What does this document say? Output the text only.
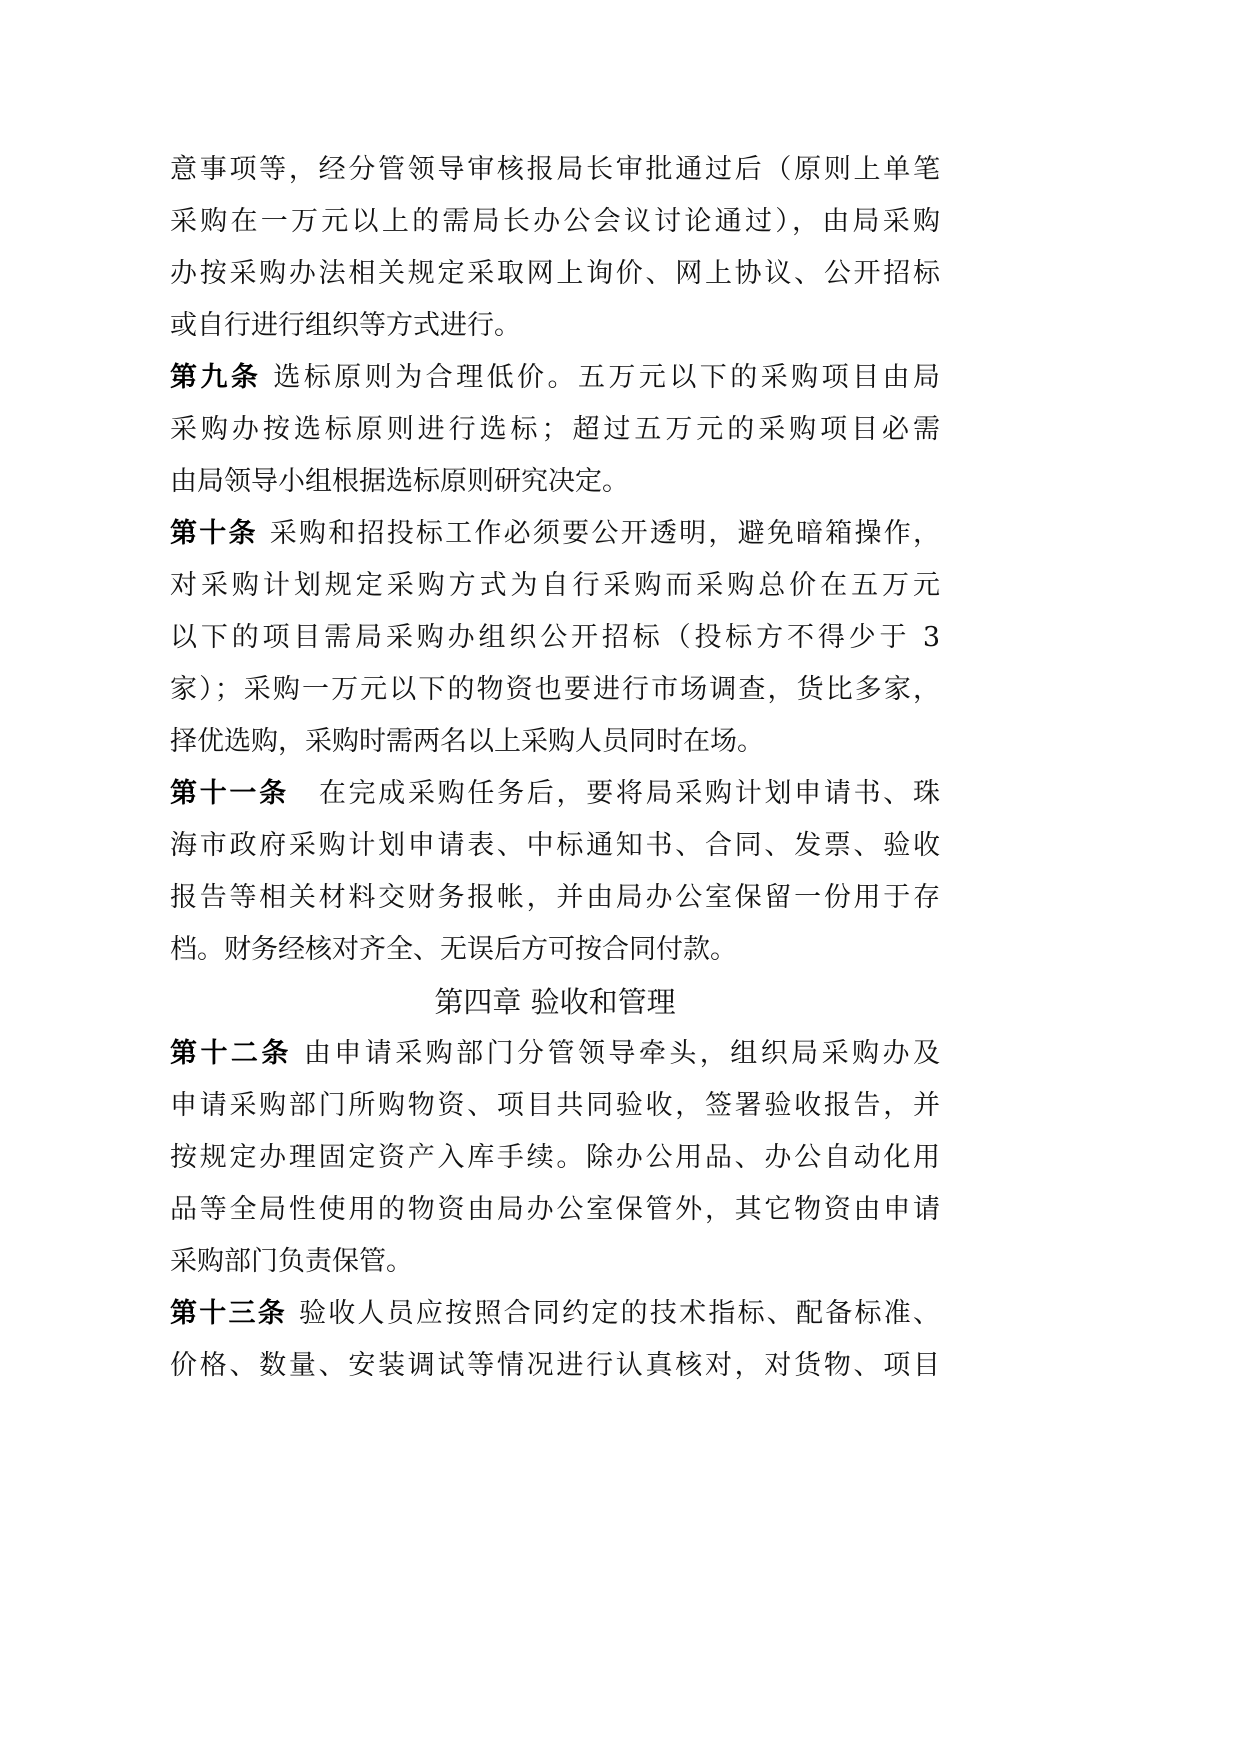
意事项等，经分管领导审核报局长审批通过后（原则上单笔
采购在一万元以上的需局长办公会议讨论通过），由局采购
办按采购办法相关规定采取网上询价、网上协议、公开招标
或自行进行组织等方式进行。
第九条 选标原则为合理低价。五万元以下的采购项目由局
采购办按选标原则进行选标；超过五万元的采购项目必需
由局领导小组根据选标原则研究决定。
第十条 采购和招投标工作必须要公开透明，避免暗箱操作，
对采购计划规定采购方式为自行采购而采购总价在五万元
以下的项目需局采购办组织公开招标（投标方不得少于 3
家）；采购一万元以下的物资也要进行市场调查，货比多家，
择优选购，采购时需两名以上采购人员同时在场。
第十一条 在完成采购任务后，要将局采购计划申请书、珠
海市政府采购计划申请表、中标通知书、合同、发票、验收
报告等相关材料交财务报帐，并由局办公室保留一份用于存
档。财务经核对齐全、无误后方可按合同付款。
第四章 验收和管理
第十二条 由申请采购部门分管领导牵头，组织局采购办及
申请采购部门所购物资、项目共同验收，签署验收报告，并
按规定办理固定资产入库手续。除办公用品、办公自动化用
品等全局性使用的物资由局办公室保管外，其它物资由申请
采购部门负责保管。
第十三条 验收人员应按照合同约定的技术指标、配备标准、
价格、数量、安装调试等情况进行认真核对，对货物、项目
